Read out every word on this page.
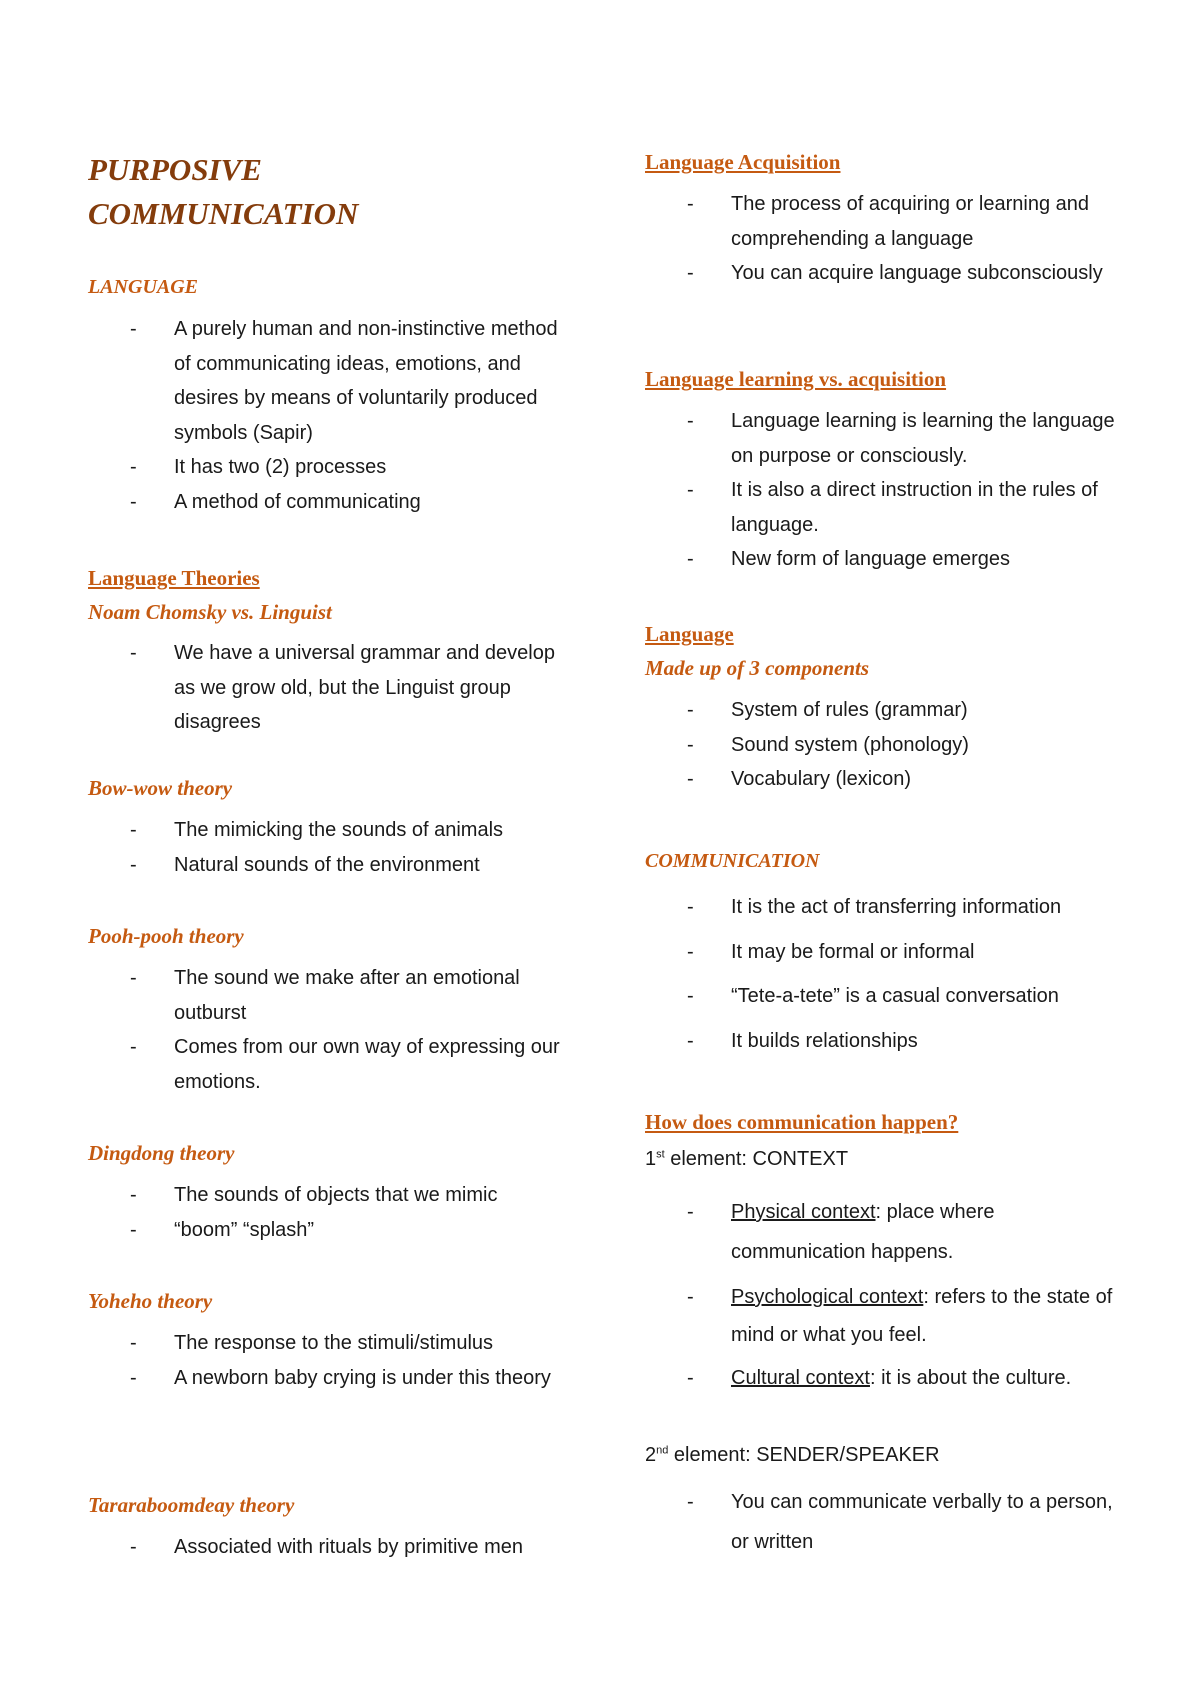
PURPOSIVE
COMMUNICATION
LANGUAGE
- A purely human and non-instinctive method of communicating ideas, emotions, and desires by means of voluntarily produced symbols (Sapir)
- It has two (2) processes
- A method of communicating
Language Theories
Noam Chomsky vs. Linguist
- We have a universal grammar and develop as we grow old, but the Linguist group disagrees
Bow-wow theory
- The mimicking the sounds of animals
- Natural sounds of the environment
Pooh-pooh theory
- The sound we make after an emotional outburst
- Comes from our own way of expressing our emotions.
Dingdong theory
- The sounds of objects that we mimic
- “boom” “splash”
Yoheho theory
- The response to the stimuli/stimulus
- A newborn baby crying is under this theory
Tararaboomdeay theory
- Associated with rituals by primitive men
Language Acquisition
- The process of acquiring or learning and comprehending a language
- You can acquire language subconsciously
Language learning vs. acquisition
- Language learning is learning the language on purpose or consciously.
- It is also a direct instruction in the rules of language.
- New form of language emerges
Language
Made up of 3 components
- System of rules (grammar)
- Sound system (phonology)
- Vocabulary (lexicon)
COMMUNICATION
- It is the act of transferring information
- It may be formal or informal
- “Tete-a-tete” is a casual conversation
- It builds relationships
How does communication happen?
1st element: CONTEXT
- Physical context: place where communication happens.
- Psychological context: refers to the state of mind or what you feel.
- Cultural context: it is about the culture.
2nd element: SENDER/SPEAKER
- You can communicate verbally to a person, or written
